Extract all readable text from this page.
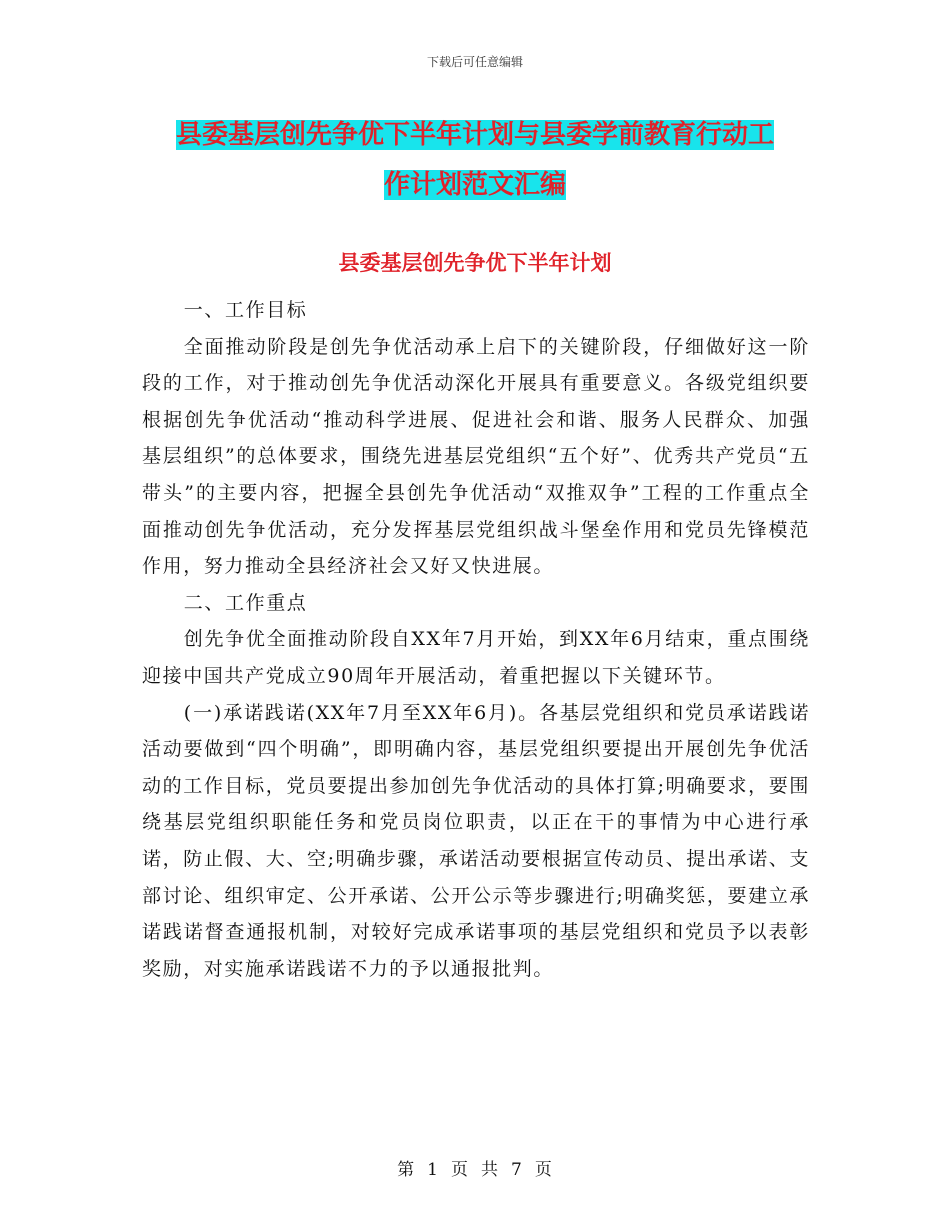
下载后可任意编辑
县委基层创先争优下半年计划与县委学前教育行动工
作计划范文汇编
县委基层创先争优下半年计划

一、工作目标

全面推动阶段是创先争优活动承上启下的关键阶段，仔细做好这一阶段的工作，对于推动创先争优活动深化开展具有重要意义。各级党组织要根据创先争优活动“推动科学进展、促进社会和谐、服务人民群众、加强基层组织”的总体要求，围绕先进基层党组织“五个好”、优秀共产党员“五带头”的主要内容，把握全县创先争优活动“双推双争”工程的工作重点全面推动创先争优活动，充分发挥基层党组织战斗堡垒作用和党员先锋模范作用，努力推动全县经济社会又好又快进展。

二、工作重点

创先争优全面推动阶段自XX年7月开始，到XX年6月结束，重点围绕迎接中国共产党成立90周年开展活动，着重把握以下关键环节。

(一)承诺践诺(XX年7月至XX年6月)。各基层党组织和党员承诺践诺活动要做到“四个明确”，即明确内容，基层党组织要提出开展创先争优活动的工作目标，党员要提出参加创先争优活动的具体打算;明确要求，要围绕基层党组织职能任务和党员岗位职责，以正在干的事情为中心进行承诺，防止假、大、空;明确步骤，承诺活动要根据宣传动员、提出承诺、支部讨论、组织审定、公开承诺、公开公示等步骤进行;明确奖惩，要建立承诺践诺督查通报机制，对较好完成承诺事项的基层党组织和党员予以表彰奖励，对实施承诺践诺不力的予以通报批判。

第 1 页 共 7 页
